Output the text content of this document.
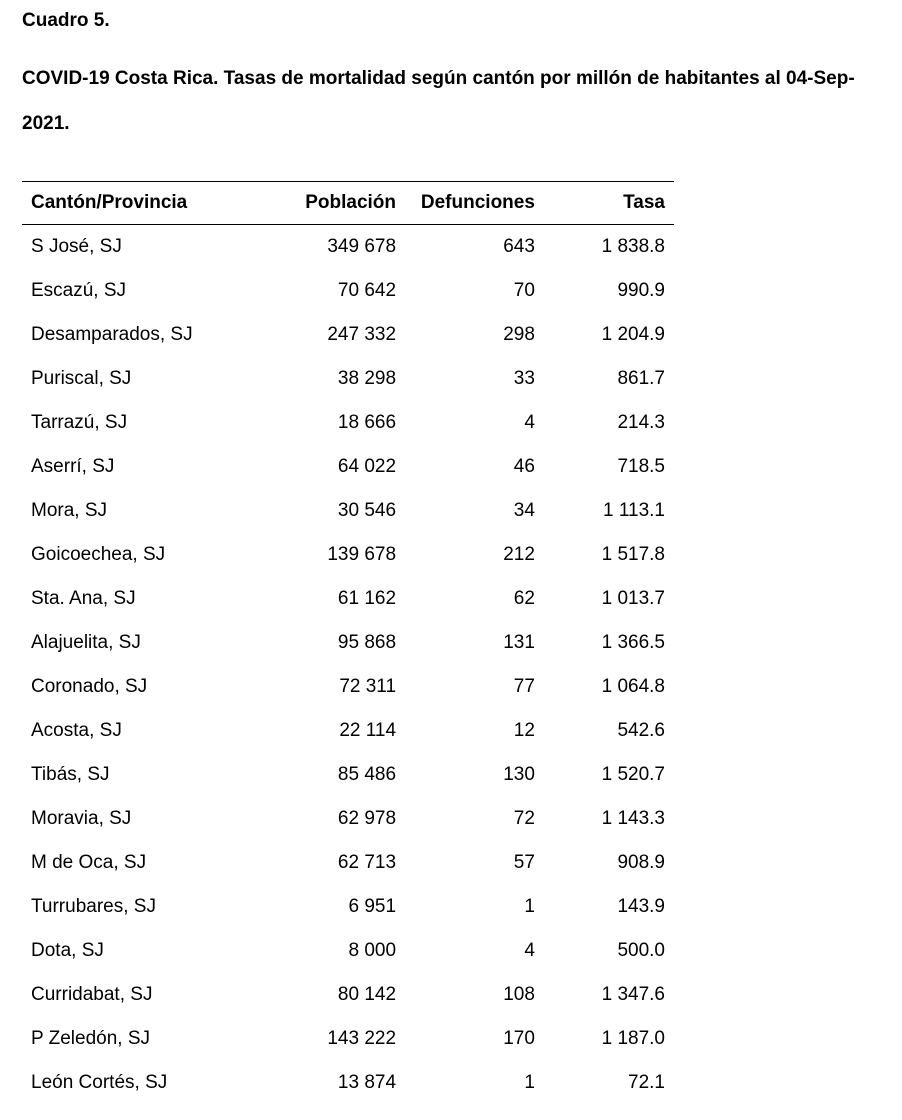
Cuadro 5.
COVID-19 Costa Rica. Tasas de mortalidad según cantón por millón de habitantes al 04-Sep-2021.
Cantón/Provincia	Población	Defunciones	Tasa
S José, SJ	349 678	643	1 838.8
Escazú, SJ	70 642	70	990.9
Desamparados, SJ	247 332	298	1 204.9
Puriscal, SJ	38 298	33	861.7
Tarrazú, SJ	18 666	4	214.3
Aserrí, SJ	64 022	46	718.5
Mora, SJ	30 546	34	1 113.1
Goicoechea, SJ	139 678	212	1 517.8
Sta. Ana, SJ	61 162	62	1 013.7
Alajuelita, SJ	95 868	131	1 366.5
Coronado, SJ	72 311	77	1 064.8
Acosta, SJ	22 114	12	542.6
Tibás, SJ	85 486	130	1 520.7
Moravia, SJ	62 978	72	1 143.3
M de Oca, SJ	62 713	57	908.9
Turrubares, SJ	6 951	1	143.9
Dota, SJ	8 000	4	500.0
Curridabat, SJ	80 142	108	1 347.6
P Zeledón, SJ	143 222	170	1 187.0
León Cortés, SJ	13 874	1	72.1
